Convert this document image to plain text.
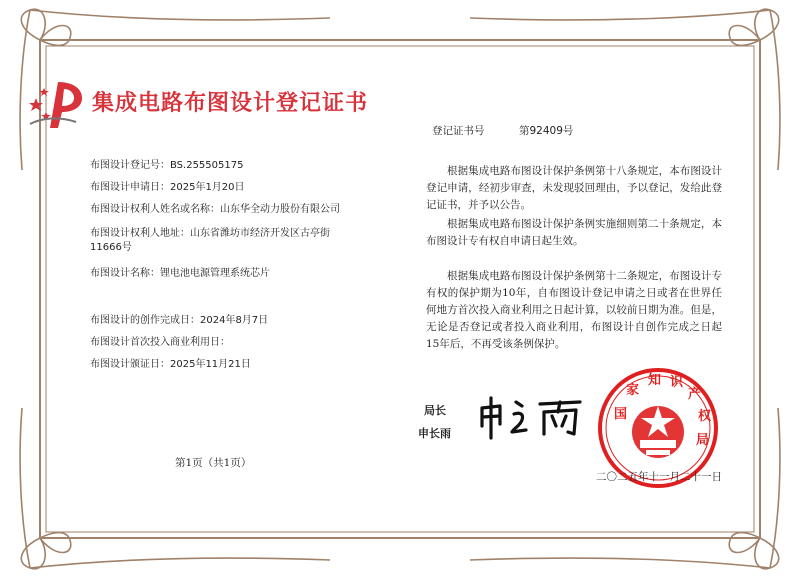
集成电路布图设计登记证书
登记证书号	第92409号
布图设计登记号：BS.255505175
布图设计申请日：2025年1月20日
布图设计权利人姓名或名称：山东华全动力股份有限公司
布图设计权利人地址：山东省潍坊市经济开发区古亭街11666号
布图设计名称：锂电池电源管理系统芯片
布图设计的创作完成日：2024年8月7日
布图设计首次投入商业利用日：
布图设计颁证日：2025年11月21日
根据集成电路布图设计保护条例第十八条规定，本布图设计登记申请，经初步审查，未发现驳回理由，予以登记，发给此登记证书，并予以公告。
根据集成电路布图设计保护条例实施细则第二十条规定，本布图设计专有权自申请日起生效。
根据集成电路布图设计保护条例第十二条规定，布图设计专有权的保护期为10年，自布图设计登记申请之日或者在世界任何地方首次投入商业利用之日起计算，以较前日期为准。但是，无论是否登记或者投入商业利用，布图设计自创作完成之日起15年后，不再受该条例保护。
第1页（共1页）
局长
申长雨
国
家
知 识
产
权
局
二〇二五年十一月二十一日
